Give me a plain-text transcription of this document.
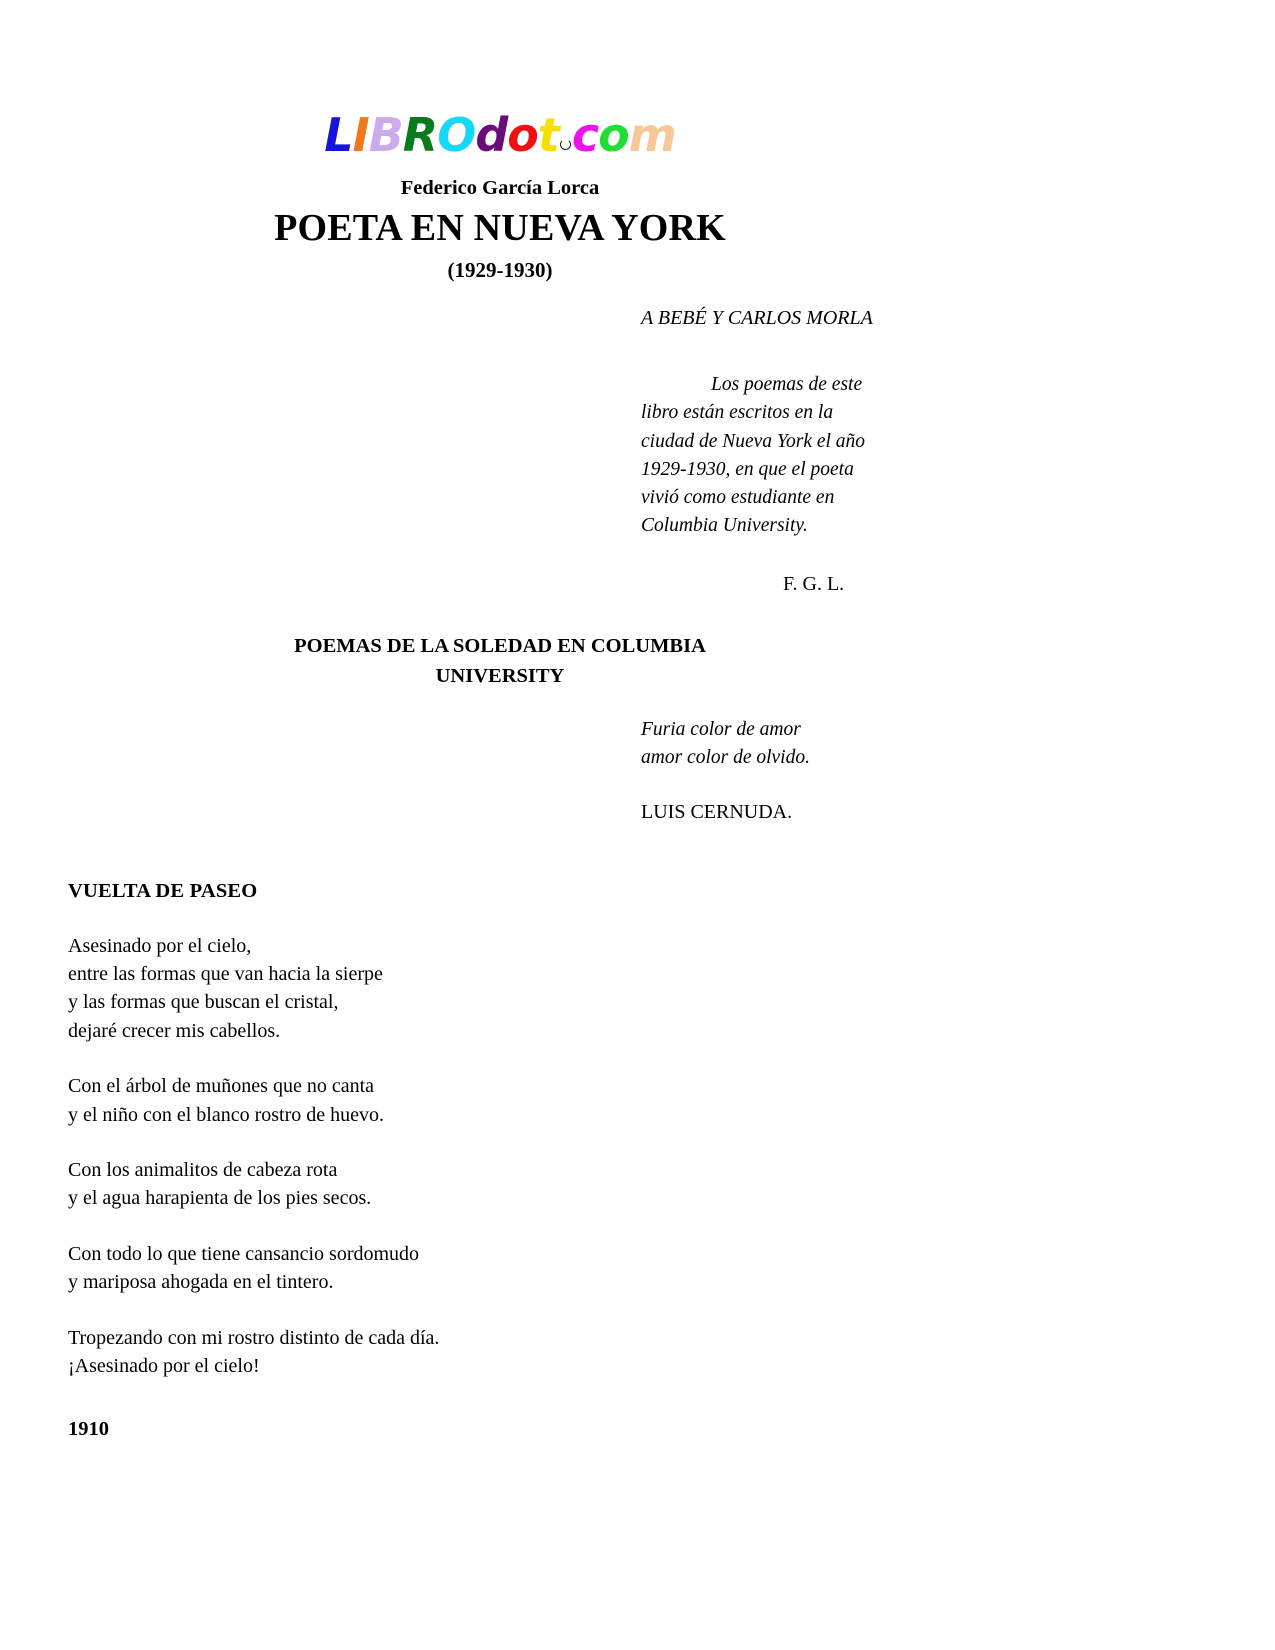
LIBROdot com

Federico García Lorca

POETA EN NUEVA YORK

(1929-1930)

A BEBÉ Y CARLOS MORLA

Los poemas de este
libro están escritos en la
ciudad de Nueva York el año
1929-1930, en que el poeta
vivió como estudiante en
Columbia University.

F. G. L.

POEMAS DE LA SOLEDAD EN COLUMBIA
UNIVERSITY

Furia color de amor
amor color de olvido.

LUIS CERNUDA.

VUELTA DE PASEO

Asesinado por el cielo,
entre las formas que van hacia la sierpe
y las formas que buscan el cristal,
dejaré crecer mis cabellos.

Con el árbol de muñones que no canta
y el niño con el blanco rostro de huevo.

Con los animalitos de cabeza rota
y el agua harapienta de los pies secos.

Con todo lo que tiene cansancio sordomudo
y mariposa ahogada en el tintero.

Tropezando con mi rostro distinto de cada día.
¡Asesinado por el cielo!

1910
